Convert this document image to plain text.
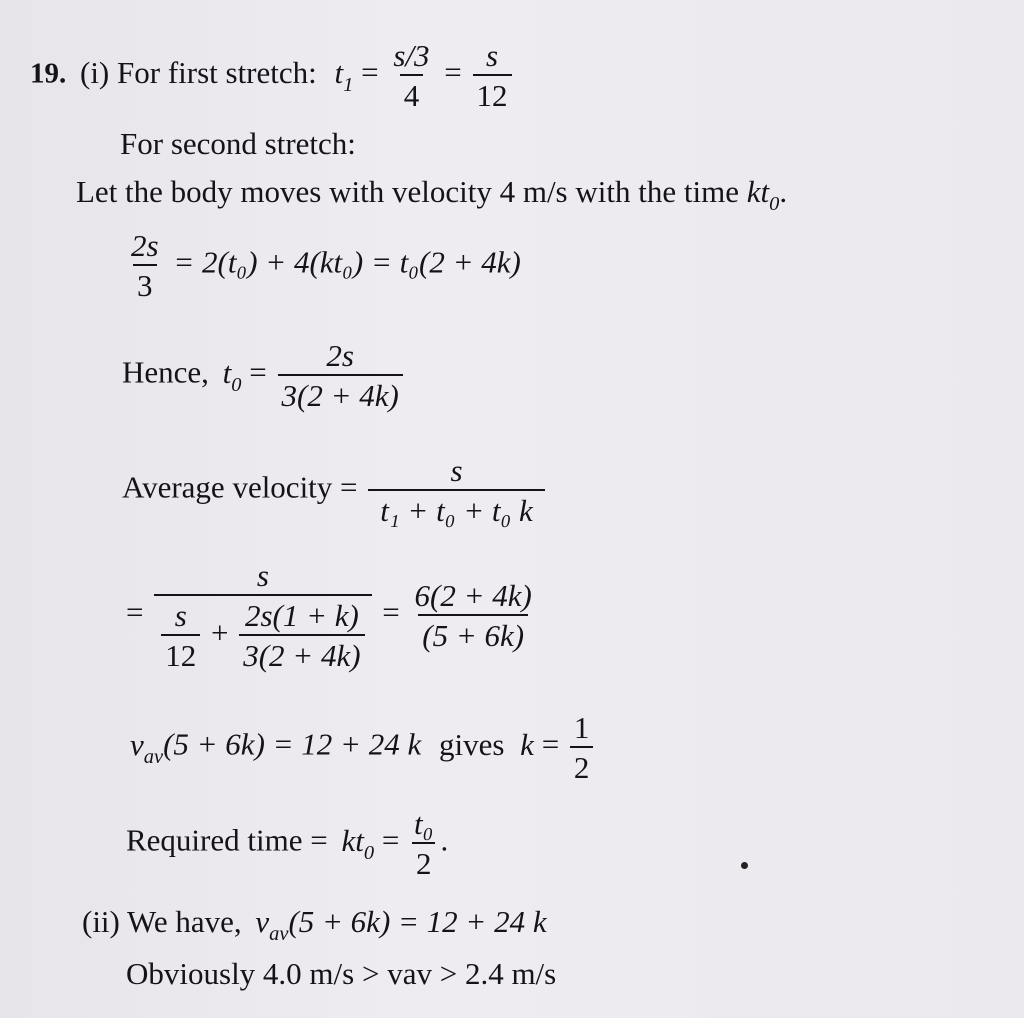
19. (i) For first stretch: $t_1 = \frac{s/3}{4} = \frac{s}{12}$
For second stretch:
Let the body moves with velocity 4 m/s with the time $kt_0$.
$\frac{2s}{3} = 2(t_0) + 4(kt_0) = t_0(2 + 4k)$
Hence, $t_0 = \frac{2s}{3(2 + 4k)}$
Average velocity = $\frac{s}{\text{t₁ + t₀ + t₀ k}}$
=
s
$\frac{s}{12} + \frac{2s(1 + k)}{3(2 + 4k)} = \frac{6(2 + 4k)}{(5 + 6k)}$
$v_{av}(5 + 6k) = 12 + 24$ k gives $k = \frac{1}{2}$
Required time = $kt_0 = \frac{\text{t₀}}{2}$ .
(ii) We have, $v_{av}(5 + 6k) = 12 + 24$ k
Obviously 4.0 m/s > vav > 2.4 m/s
